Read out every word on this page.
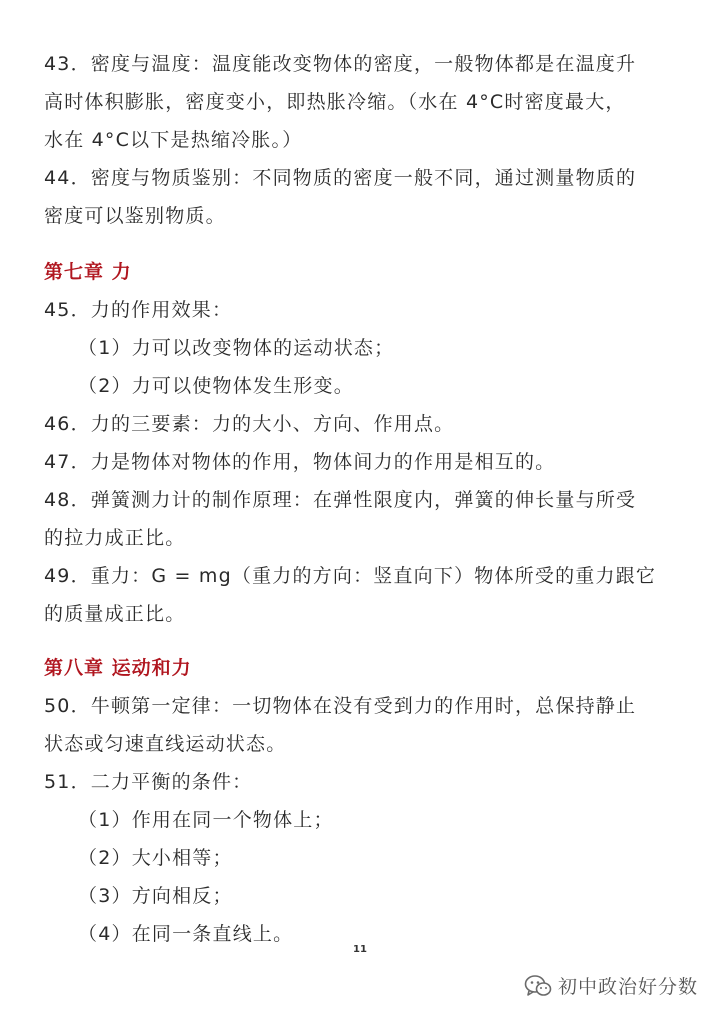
43．密度与温度：温度能改变物体的密度，一般物体都是在温度升
高时体积膨胀，密度变小，即热胀冷缩。（水在 4°C时密度最大，
水在 4°C以下是热缩冷胀。）
44．密度与物质鉴别：不同物质的密度一般不同，通过测量物质的
密度可以鉴别物质。
第七章 力
45．力的作用效果：
（1）力可以改变物体的运动状态；
（2）力可以使物体发生形变。
46．力的三要素：力的大小、方向、作用点。
47．力是物体对物体的作用，物体间力的作用是相互的。
48．弹簧测力计的制作原理：在弹性限度内，弹簧的伸长量与所受
的拉力成正比。
49．重力：G = mg（重力的方向：竖直向下）物体所受的重力跟它
的质量成正比。
第八章 运动和力
50．牛顿第一定律：一切物体在没有受到力的作用时，总保持静止
状态或匀速直线运动状态。
51．二力平衡的条件：
（1）作用在同一个物体上；
（2）大小相等；
（3）方向相反；
（4）在同一条直线上。
11
初中政治好分数
